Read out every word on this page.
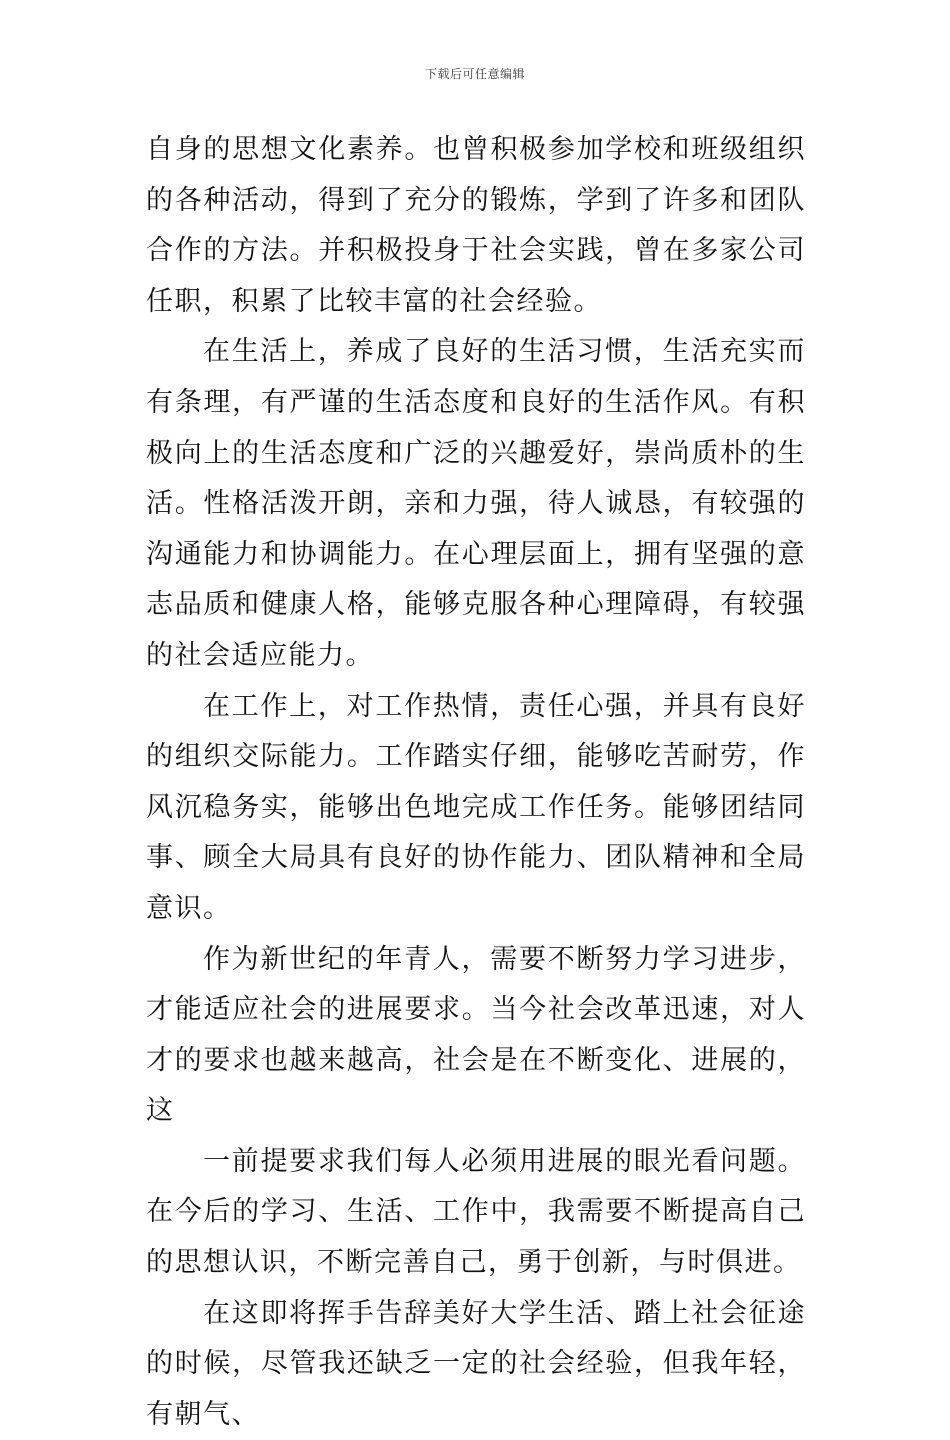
下载后可任意编辑

自身的思想文化素养。也曾积极参加学校和班级组织的各种活动，得到了充分的锻炼，学到了许多和团队合作的方法。并积极投身于社会实践，曾在多家公司任职，积累了比较丰富的社会经验。

在生活上，养成了良好的生活习惯，生活充实而有条理，有严谨的生活态度和良好的生活作风。有积极向上的生活态度和广泛的兴趣爱好，崇尚质朴的生活。性格活泼开朗，亲和力强，待人诚恳，有较强的沟通能力和协调能力。在心理层面上，拥有坚强的意志品质和健康人格，能够克服各种心理障碍，有较强的社会适应能力。

在工作上，对工作热情，责任心强，并具有良好的组织交际能力。工作踏实仔细，能够吃苦耐劳，作风沉稳务实，能够出色地完成工作任务。能够团结同事、顾全大局具有良好的协作能力、团队精神和全局意识。

作为新世纪的年青人，需要不断努力学习进步，才能适应社会的进展要求。当今社会改革迅速，对人才的要求也越来越高，社会是在不断变化、进展的，这

一前提要求我们每人必须用进展的眼光看问题。在今后的学习、生活、工作中，我需要不断提高自己的思想认识，不断完善自己，勇于创新，与时俱进。

在这即将挥手告辞美好大学生活、踏上社会征途的时候，尽管我还缺乏一定的社会经验，但我年轻，有朝气、
